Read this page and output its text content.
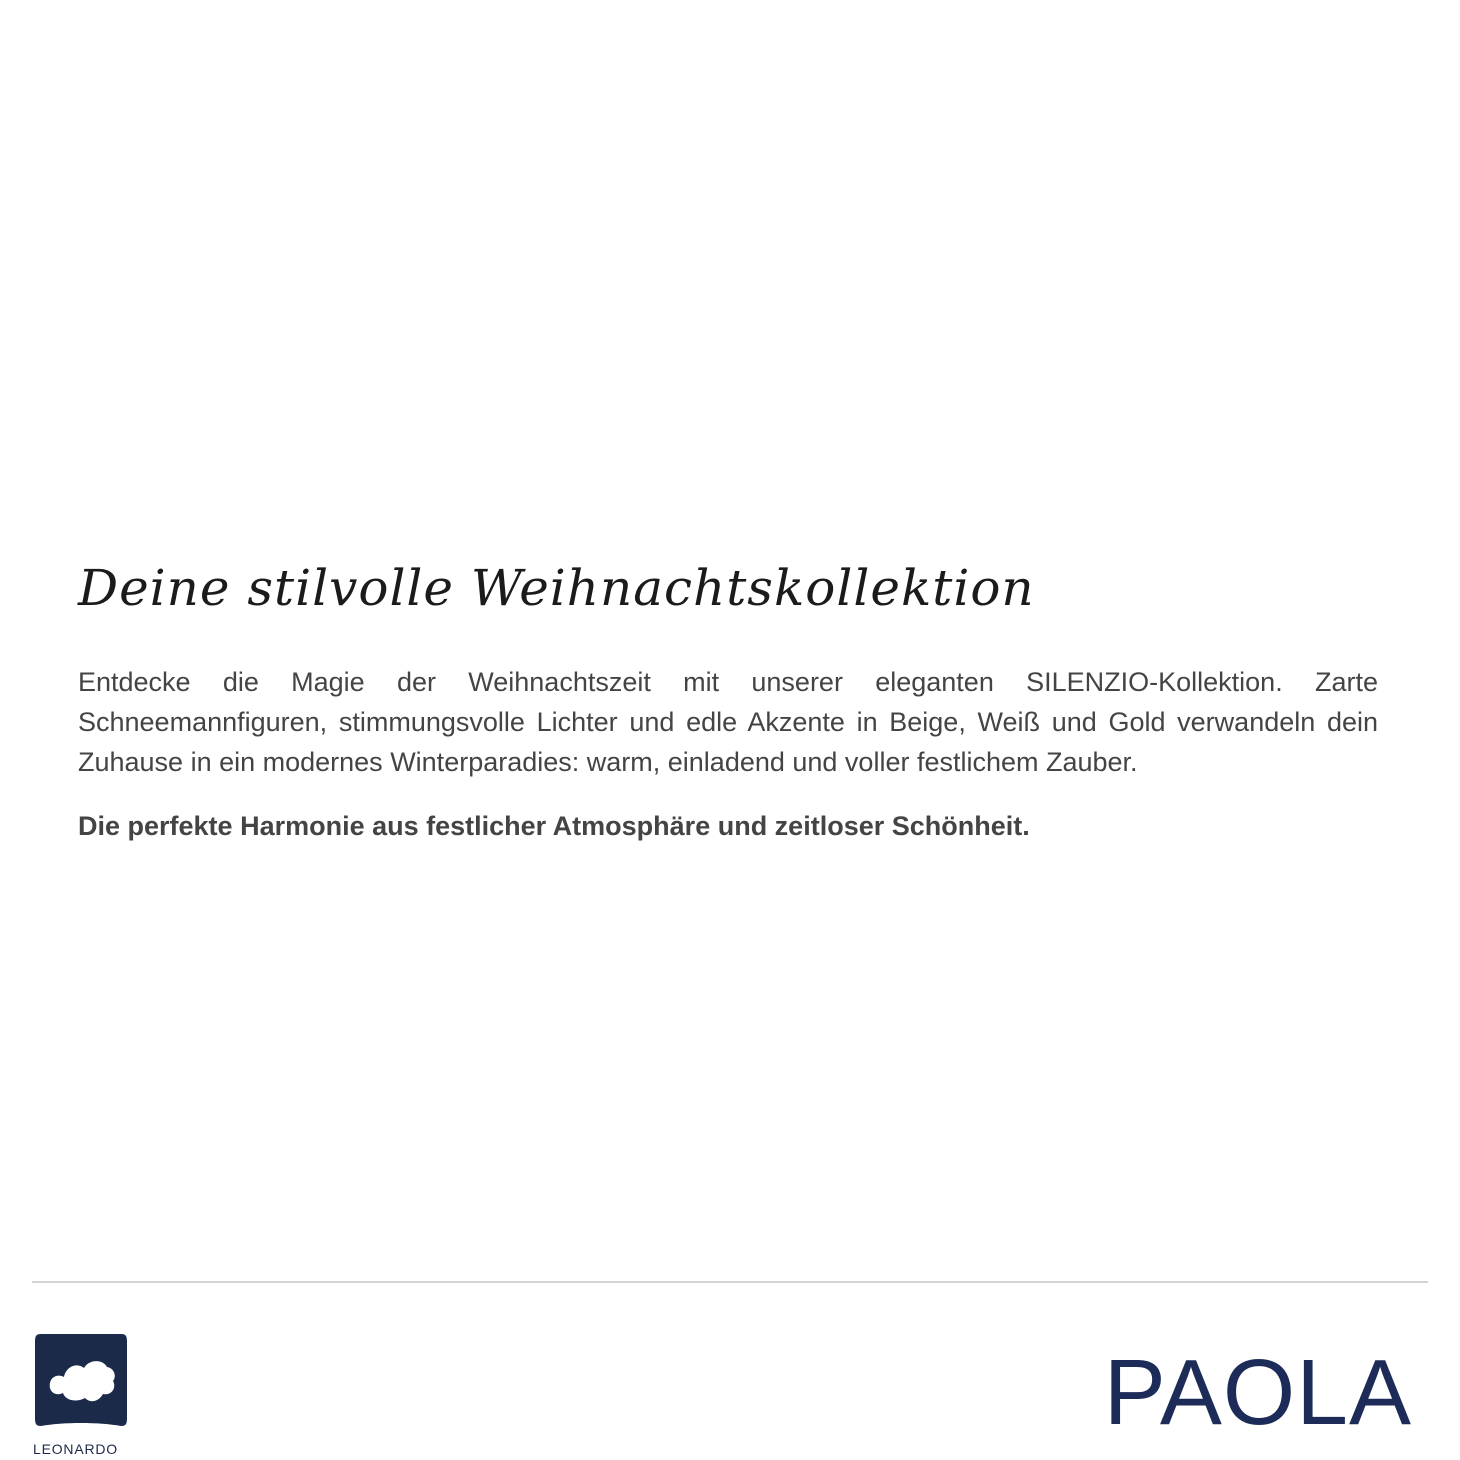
Deine stilvolle Weihnachtskollektion

Entdecke die Magie der Weihnachtszeit mit unserer eleganten SILENZIO-Kollektion. Zarte Schneemannfiguren, stimmungsvolle Lichter und edle Akzente in Beige, Weiß und Gold verwandeln dein Zuhause in ein modernes Winterparadies: warm, einladend und voller festlichem Zauber.

Die perfekte Harmonie aus festlicher Atmosphäre und zeitloser Schönheit.

LEONARDO
PAOLA
